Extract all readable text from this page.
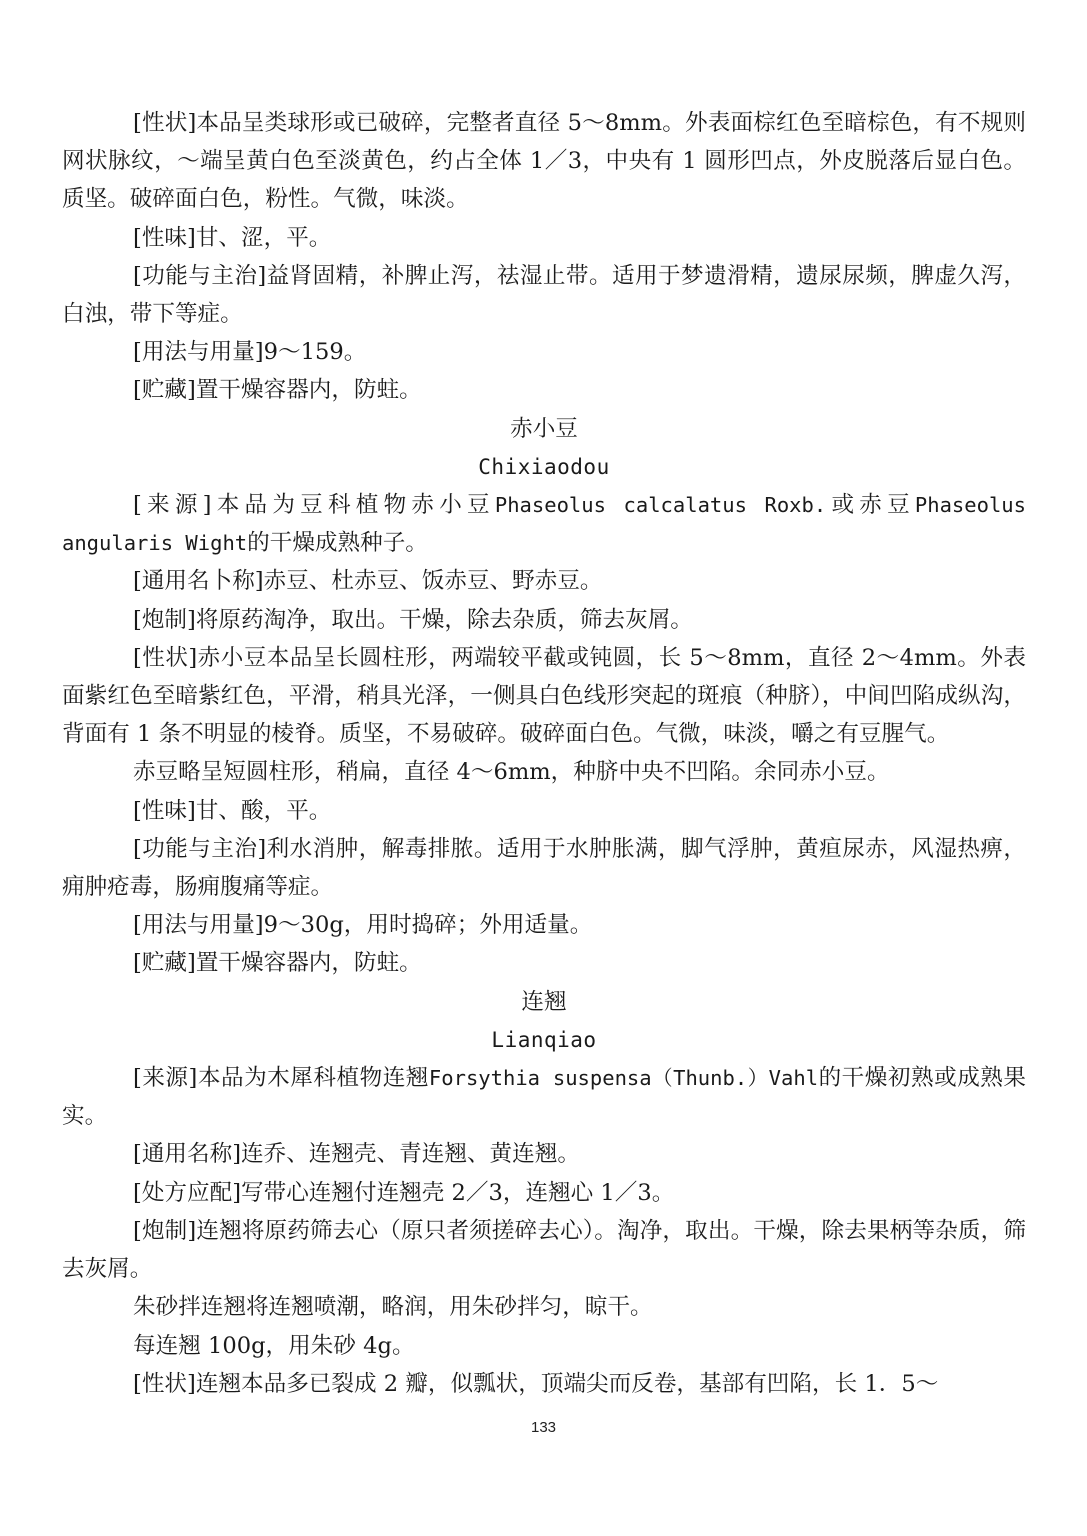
[性状]本品呈类球形或已破碎，完整者直径 5～8mm。外表面棕红色至暗棕色，有不规则网状脉纹，～端呈黄白色至淡黄色，约占全体 1／3，中央有 1 圆形凹点，外皮脱落后显白色。质坚。破碎面白色，粉性。气微，味淡。

[性味]甘、涩，平。

[功能与主治]益肾固精，补脾止泻，祛湿止带。适用于梦遗滑精，遗尿尿频，脾虚久泻，白浊，带下等症。

[用法与用量]9～159。

[贮藏]置干燥容器内，防蛀。

赤小豆

Chixiaodou

[来源]本品为豆科植物赤小豆Phaseolus calcalatus Roxb.或赤豆Phaseolus angularis Wight的干燥成熟种子。

[通用名卜称]赤豆、杜赤豆、饭赤豆、野赤豆。

[炮制]将原药淘净，取出。干燥，除去杂质，筛去灰屑。

[性状]赤小豆本品呈长圆柱形，两端较平截或钝圆，长 5～8mm，直径 2～4mm。外表面紫红色至暗紫红色，平滑，稍具光泽，一侧具白色线形突起的斑痕（种脐），中间凹陷成纵沟，背面有 1 条不明显的棱脊。质坚，不易破碎。破碎面白色。气微，味淡，嚼之有豆腥气。

赤豆略呈短圆柱形，稍扁，直径 4～6mm，种脐中央不凹陷。余同赤小豆。

[性味]甘、酸，平。

[功能与主治]利水消肿，解毒排脓。适用于水肿胀满，脚气浮肿，黄疸尿赤，风湿热痹，痈肿疮毒，肠痈腹痛等症。

[用法与用量]9～30g，用时捣碎；外用适量。

[贮藏]置干燥容器内，防蛀。

连翘

Lianqiao

[来源]本品为木犀科植物连翘Forsythia suspensa（Thunb.）Vahl的干燥初熟或成熟果实。

[通用名称]连乔、连翘壳、青连翘、黄连翘。

[处方应配]写带心连翘付连翘壳 2／3，连翘心 1／3。

[炮制]连翘将原药筛去心（原只者须搓碎去心）。淘净，取出。干燥，除去果柄等杂质，筛去灰屑。

朱砂拌连翘将连翘喷潮，略润，用朱砂拌匀，晾干。

每连翘 100g，用朱砂 4g。

[性状]连翘本品多已裂成 2 瓣，似瓢状，顶端尖而反卷，基部有凹陷，长 1．5～

133
